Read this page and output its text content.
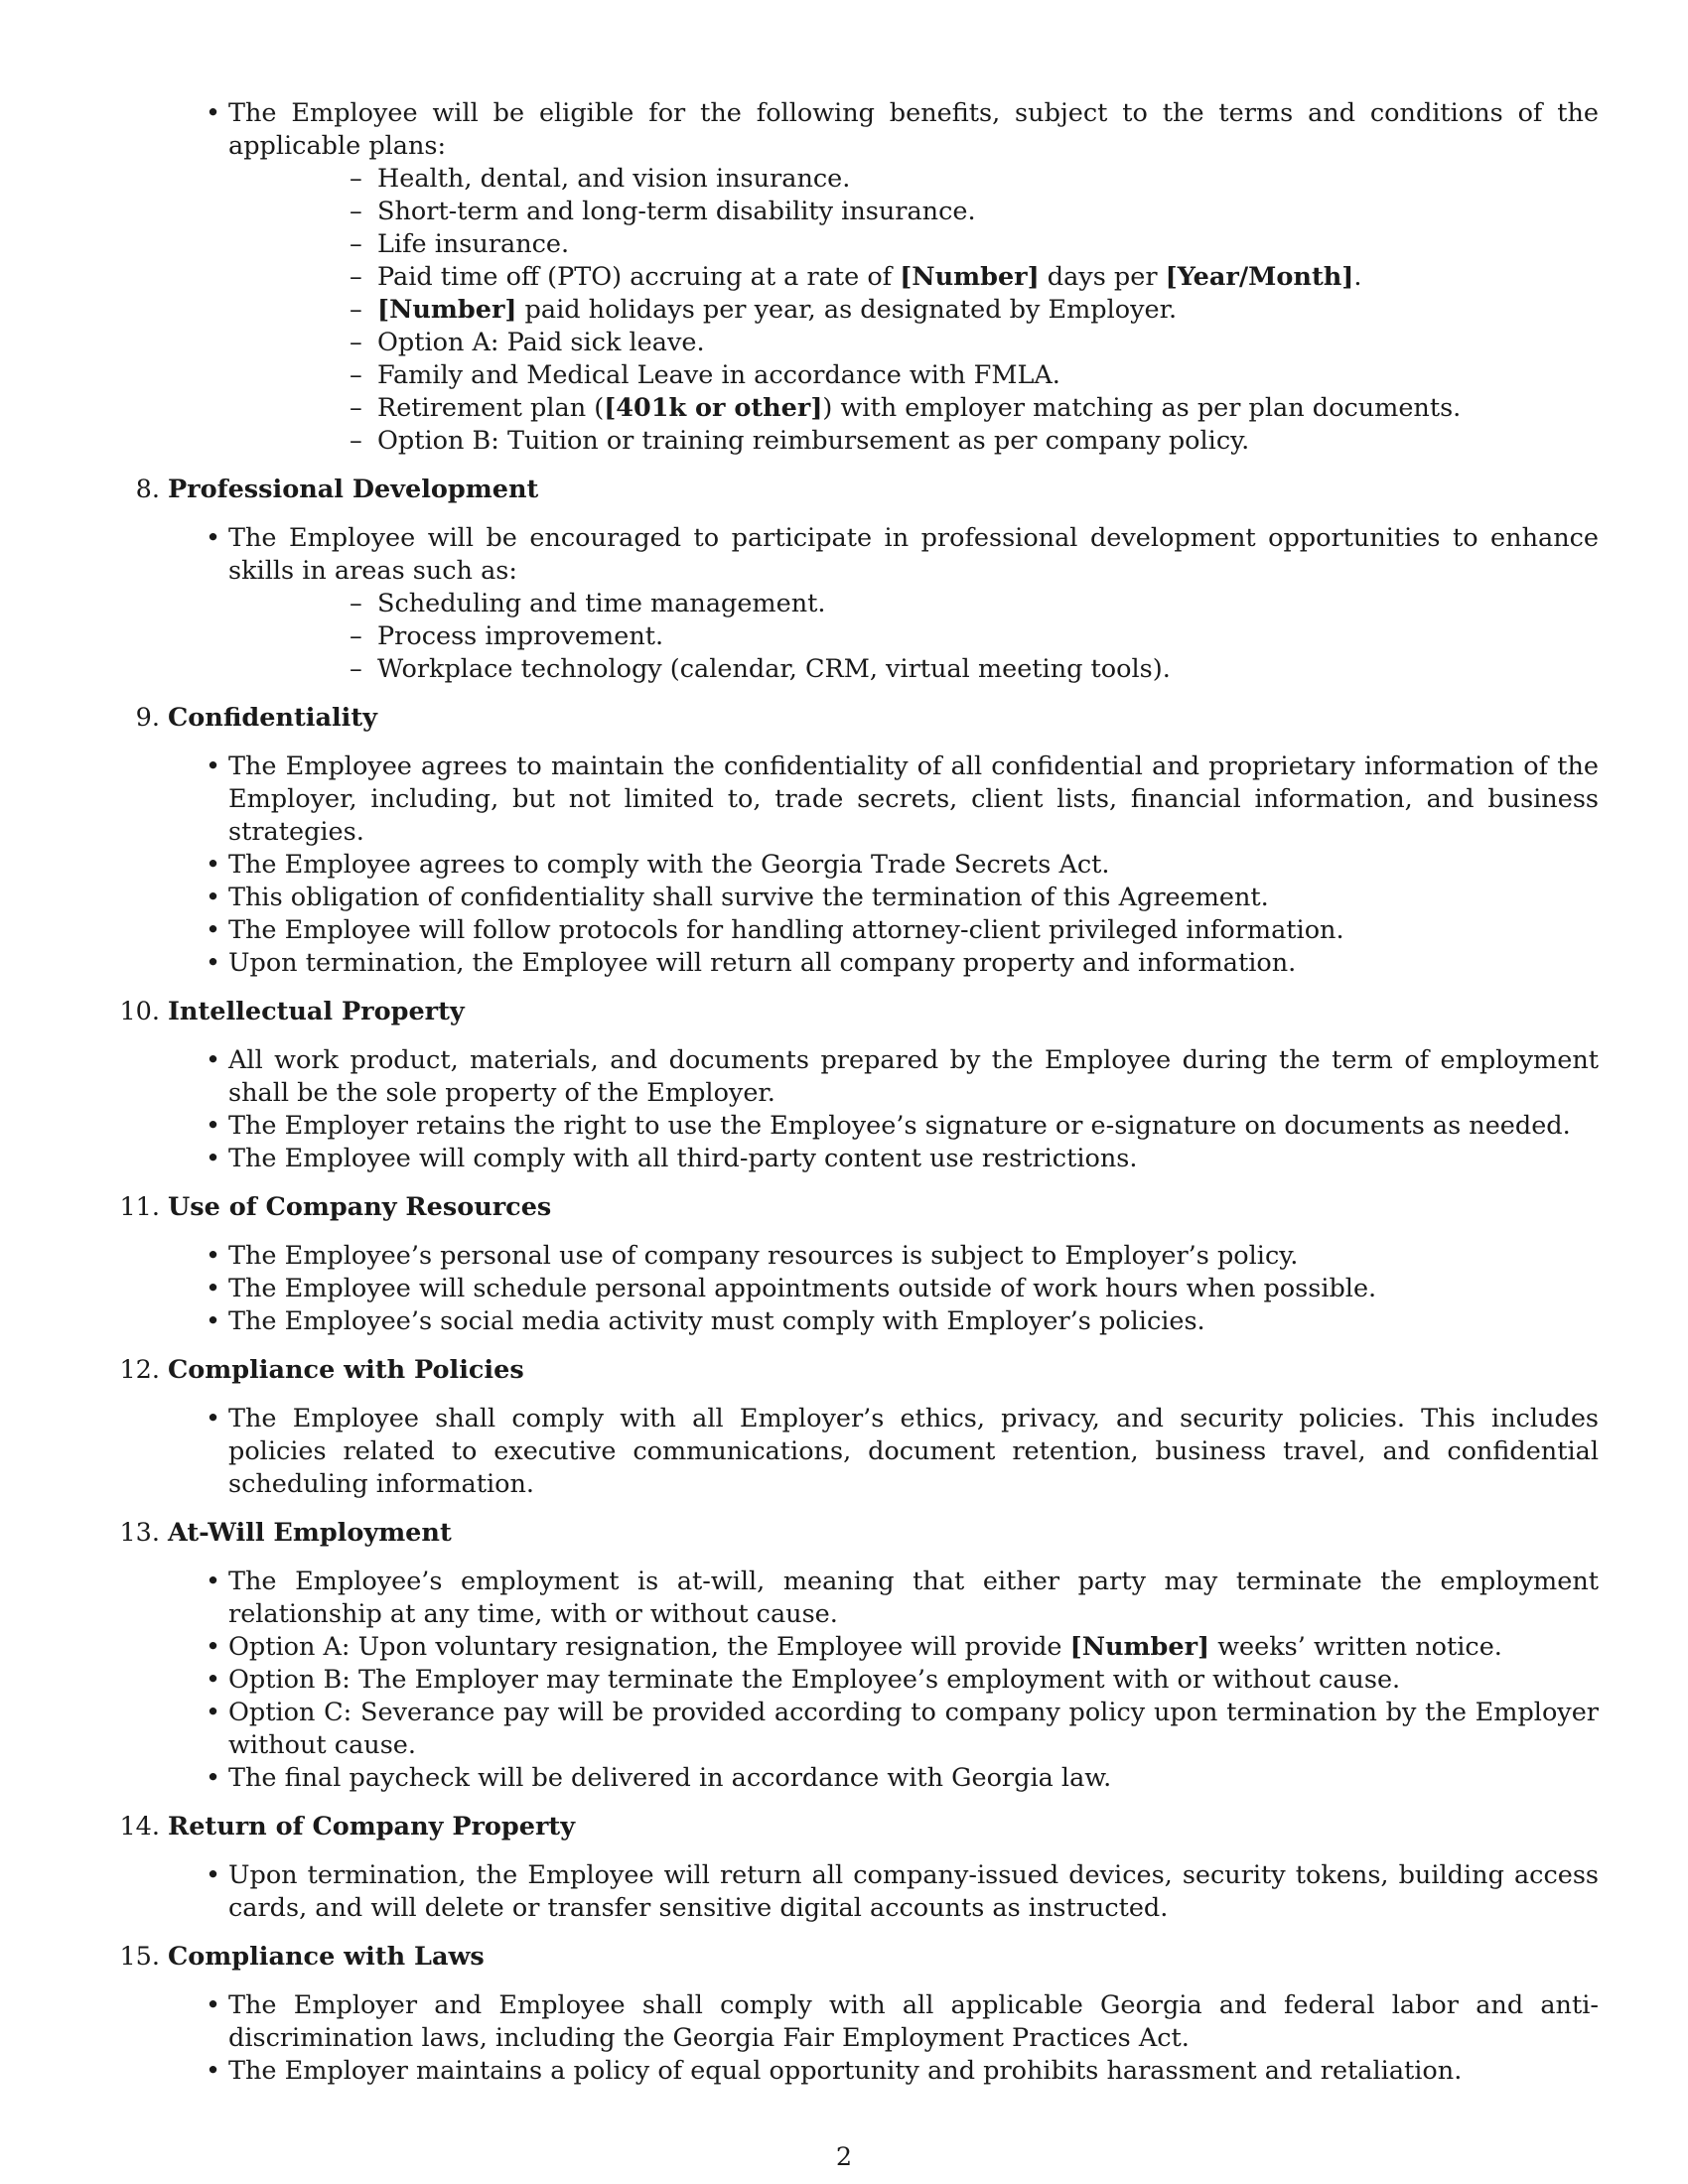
• The Employee will be eligible for the following benefits, subject to the terms and conditions of the applicable plans:
– Health, dental, and vision insurance.
– Short-term and long-term disability insurance.
– Life insurance.
– Paid time off (PTO) accruing at a rate of [Number] days per [Year/Month].
– [Number] paid holidays per year, as designated by Employer.
– Option A: Paid sick leave.
– Family and Medical Leave in accordance with FMLA.
– Retirement plan ([401k or other]) with employer matching as per plan documents.
– Option B: Tuition or training reimbursement as per company policy.
8. Professional Development
• The Employee will be encouraged to participate in professional development opportunities to enhance skills in areas such as:
– Scheduling and time management.
– Process improvement.
– Workplace technology (calendar, CRM, virtual meeting tools).
9. Confidentiality
• The Employee agrees to maintain the confidentiality of all confidential and proprietary information of the Employer, including, but not limited to, trade secrets, client lists, financial information, and business strategies.
• The Employee agrees to comply with the Georgia Trade Secrets Act.
• This obligation of confidentiality shall survive the termination of this Agreement.
• The Employee will follow protocols for handling attorney-client privileged information.
• Upon termination, the Employee will return all company property and information.
10. Intellectual Property
• All work product, materials, and documents prepared by the Employee during the term of employment shall be the sole property of the Employer.
• The Employer retains the right to use the Employee’s signature or e-signature on documents as needed.
• The Employee will comply with all third-party content use restrictions.
11. Use of Company Resources
• The Employee’s personal use of company resources is subject to Employer’s policy.
• The Employee will schedule personal appointments outside of work hours when possible.
• The Employee’s social media activity must comply with Employer’s policies.
12. Compliance with Policies
• The Employee shall comply with all Employer’s ethics, privacy, and security policies. This includes policies related to executive communications, document retention, business travel, and confidential scheduling information.
13. At-Will Employment
• The Employee’s employment is at-will, meaning that either party may terminate the employment relationship at any time, with or without cause.
• Option A: Upon voluntary resignation, the Employee will provide [Number] weeks’ written notice.
• Option B: The Employer may terminate the Employee’s employment with or without cause.
• Option C: Severance pay will be provided according to company policy upon termination by the Employer without cause.
• The final paycheck will be delivered in accordance with Georgia law.
14. Return of Company Property
• Upon termination, the Employee will return all company-issued devices, security tokens, building access cards, and will delete or transfer sensitive digital accounts as instructed.
15. Compliance with Laws
• The Employer and Employee shall comply with all applicable Georgia and federal labor and anti-discrimination laws, including the Georgia Fair Employment Practices Act.
• The Employer maintains a policy of equal opportunity and prohibits harassment and retaliation.
2
